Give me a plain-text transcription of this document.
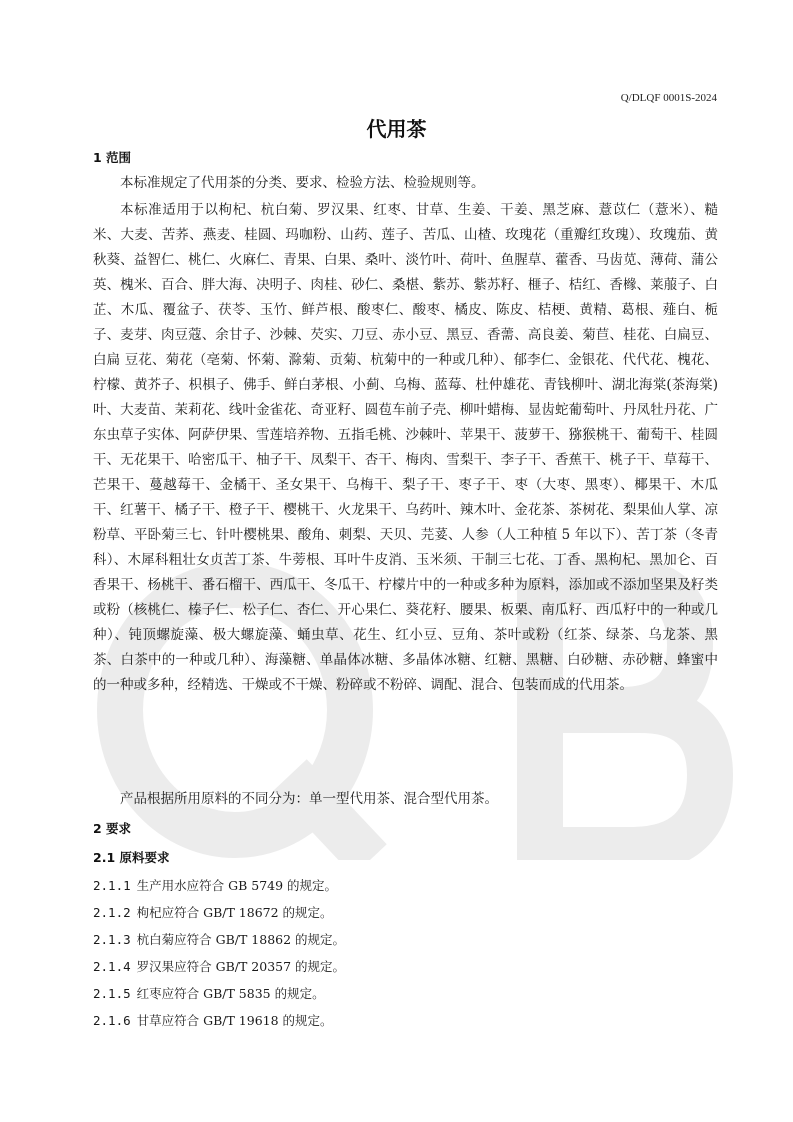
Q/DLQF 0001S-2024
代用茶
1 范围

本标准规定了代用茶的分类、要求、检验方法、检验规则等。

本标准适用于以枸杞、杭白菊、罗汉果、红枣、甘草、生姜、干姜、黑芝麻、薏苡仁（薏米）、糙米、大麦、苦荞、燕麦、桂圆、玛咖粉、山药、莲子、苦瓜、山楂、玫瑰花（重瓣红玫瑰）、玫瑰茄、黄秋葵、益智仁、桃仁、火麻仁、青果、白果、桑叶、淡竹叶、荷叶、鱼腥草、藿香、马齿苋、薄荷、蒲公英、槐米、百合、胖大海、决明子、肉桂、砂仁、桑椹、紫苏、紫苏籽、榧子、桔红、香橼、莱菔子、白芷、木瓜、覆盆子、茯苓、玉竹、鲜芦根、酸枣仁、酸枣、橘皮、陈皮、桔梗、黄精、葛根、薤白、栀子、麦芽、肉豆蔻、余甘子、沙棘、芡实、刀豆、赤小豆、黑豆、香薷、高良姜、菊苣、桂花、白扁豆、白扁 豆花、菊花（亳菊、怀菊、滁菊、贡菊、杭菊中的一种或几种）、郁李仁、金银花、代代花、槐花、柠檬、黄芥子、枳椇子、佛手、鲜白茅根、小蓟、乌梅、蓝莓、杜仲雄花、青钱柳叶、湖北海棠(茶海棠)叶、大麦苗、茉莉花、线叶金雀花、奇亚籽、圆苞车前子壳、柳叶蜡梅、显齿蛇葡萄叶、丹凤牡丹花、广东虫草子实体、阿萨伊果、雪莲培养物、五指毛桃、沙棘叶、苹果干、菠萝干、猕猴桃干、葡萄干、桂圆干、无花果干、哈密瓜干、柚子干、凤梨干、杏干、梅肉、雪梨干、李子干、香蕉干、桃子干、草莓干、芒果干、蔓越莓干、金橘干、圣女果干、乌梅干、梨子干、枣子干、枣（大枣、黑枣）、椰果干、木瓜干、红薯干、橘子干、橙子干、樱桃干、火龙果干、乌药叶、辣木叶、金花茶、茶树花、梨果仙人掌、凉粉草、平卧菊三七、针叶樱桃果、酸角、刺梨、天贝、芫荽、人参（人工种植 5 年以下）、苦丁茶（冬青科）、木犀科粗壮女贞苦丁茶、牛蒡根、耳叶牛皮消、玉米须、干制三七花、丁香、黑枸杞、黑加仑、百香果干、杨桃干、番石榴干、西瓜干、冬瓜干、柠檬片中的一种或多种为原料，添加或不添加坚果及籽类或粉（核桃仁、榛子仁、松子仁、杏仁、开心果仁、葵花籽、腰果、板栗、南瓜籽、西瓜籽中的一种或几种）、钝顶螺旋藻、极大螺旋藻、蛹虫草、花生、红小豆、豆角、茶叶或粉（红茶、绿茶、乌龙茶、黑茶、白茶中的一种或几种）、海藻糖、单晶体冰糖、多晶体冰糖、红糖、黑糖、白砂糖、赤砂糖、蜂蜜中的一种或多种，经精选、干燥或不干燥、粉碎或不粉碎、调配、混合、包装而成的代用茶。

产品根据所用原料的不同分为：单一型代用茶、混合型代用茶。

2 要求
2.1 原料要求
2.1.1 生产用水应符合 GB 5749 的规定。
2.1.2 枸杞应符合 GB/T 18672 的规定。
2.1.3 杭白菊应符合 GB/T 18862 的规定。
2.1.4 罗汉果应符合 GB/T 20357 的规定。
2.1.5 红枣应符合 GB/T 5835 的规定。
2.1.6 甘草应符合 GB/T 19618 的规定。
